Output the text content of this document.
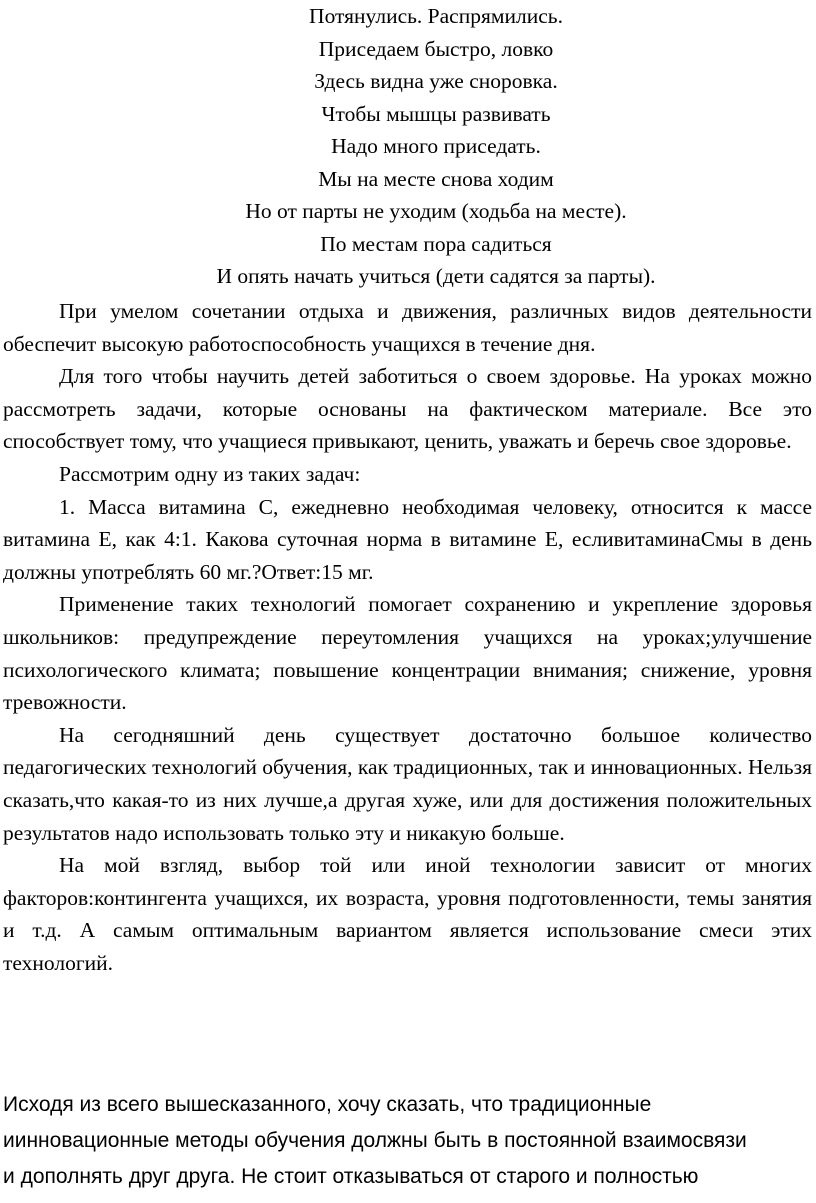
Потянулись. Распрямились.
Приседаем быстро, ловко
Здесь видна уже сноровка.
Чтобы мышцы развивать
Надо много приседать.
Мы на месте снова ходим
Но от парты не уходим (ходьба на месте).
По местам пора садиться
И опять начать учиться (дети садятся за парты).

При умелом сочетании отдыха и движения, различных видов деятельности обеспечит высокую работоспособность учащихся в течение дня.

Для того чтобы научить детей заботиться о своем здоровье. На уроках можно рассмотреть задачи, которые основаны на фактическом материале. Все это способствует тому, что учащиеся привыкают, ценить, уважать и беречь свое здоровье.

Рассмотрим одну из таких задач:

1. Масса витамина С, ежедневно необходимая человеку, относится к массе витамина Е, как 4:1. Какова суточная норма в витамине Е, есливитаминаСмы в день должны употреблять 60 мг.?Ответ:15 мг.

Применение таких технологий помогает сохранению и укрепление здоровья школьников: предупреждение переутомления учащихся на уроках;улучшение психологического климата; повышение концентрации внимания; снижение, уровня тревожности.

На сегодняшний день существует достаточно большое количество педагогических технологий обучения, как традиционных, так и инновационных. Нельзя сказать,что какая-то из них лучше,а другая хуже, или для достижения положительных результатов надо использовать только эту и никакую больше.

На мой взгляд, выбор той или иной технологии зависит от многих факторов:контингента учащихся, их возраста, уровня подготовленности, темы занятия и т.д. А самым оптимальным вариантом является использование смеси этих технологий.

Исходя из всего вышесказанного, хочу сказать, что традиционные
иинновационные методы обучения должны быть в постоянной взаимосвязи
и дополнять друг друга. Не стоит отказываться от старого и полностью
